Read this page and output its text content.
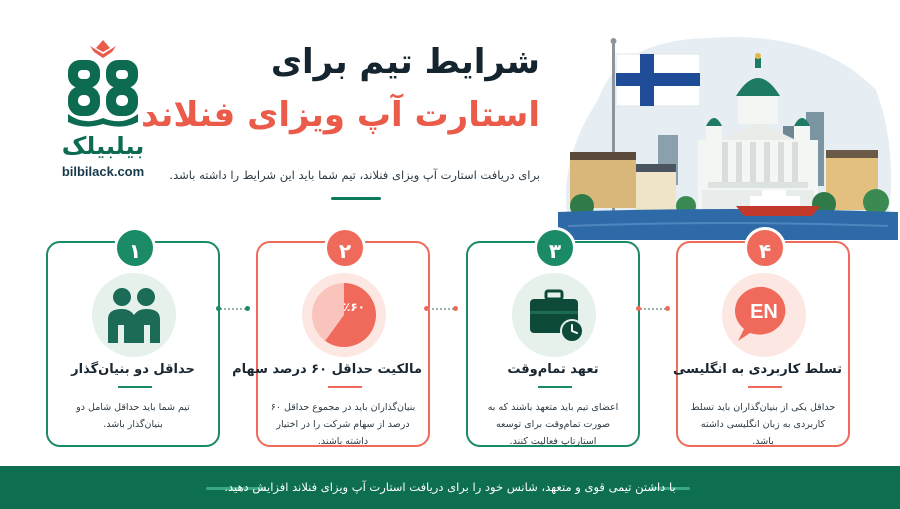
بیلبیلک
bilbilack.com
شرایط تیم برای
استارت آپ ویزای فنلاند
برای دریافت استارت آپ ویزای فنلاند، تیم شما باید این شرایط را داشته باشد.
۴
EN
تسلط کاربردی به انگلیسی
حداقل یکی از بنیان‌گذاران باید تسلط کاربردی به زبان انگلیسی داشته باشد.
۳
تعهد تمام‌وقت
اعضای تیم باید متعهد باشند که به صورت تمام‌وقت برای توسعه استارتاپ فعالیت کنند.
۲
٪۶۰
مالکیت حداقل ۶۰ درصد سهام
بنیان‌گذاران باید در مجموع حداقل ۶۰ درصد از سهام شرکت را در اختیار داشته باشند.
۱
حداقل دو بنیان‌گذار
تیم شما باید حداقل شامل دو بنیان‌گذار باشد.
با داشتن تیمی قوی و متعهد، شانس خود را برای دریافت استارت آپ ویزای فنلاند افزایش دهید.
